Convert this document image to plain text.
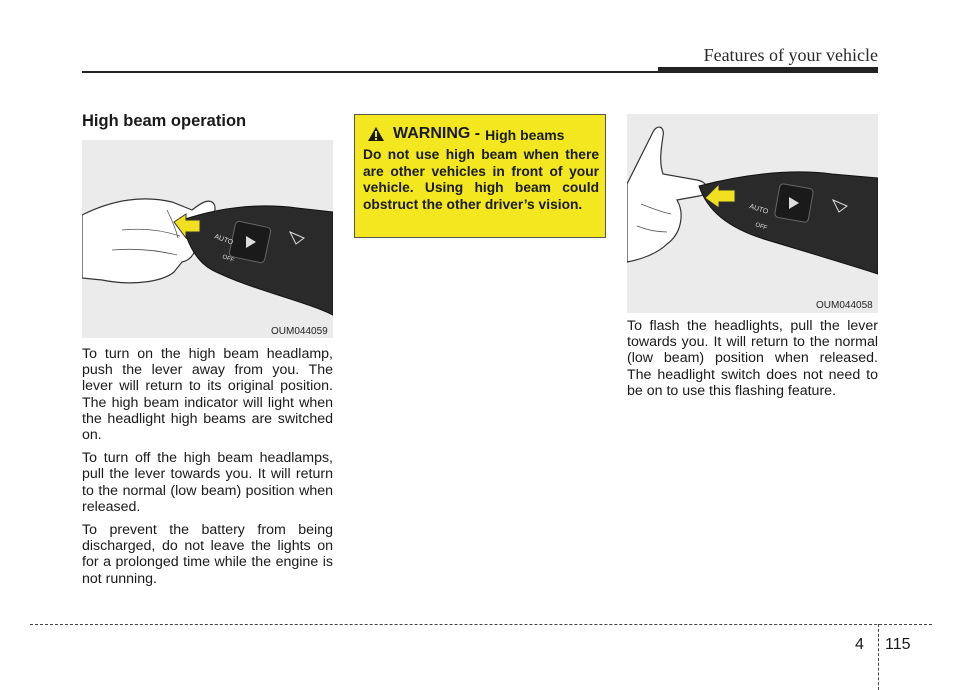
Features of your vehicle
High beam operation
AUTO
OFF
OUM044059

To turn on the high beam headlamp, push the lever away from you. The lever will return to its original position. The high beam indicator will light when the headlight high beams are switched on.

To turn off the high beam headlamps, pull the lever towards you. It will return to the normal (low beam) position when released.

To prevent the battery from being discharged, do not leave the lights on for a prolonged time while the engine is not running.

WARNING - High beams
Do not use high beam when there are other vehicles in front of your vehicle. Using high beam could obstruct the other driver’s vision.	AUTO
OFF
OUM044058

To flash the headlights, pull the lever towards you. It will return to the normal (low beam) position when released. The headlight switch does not need to be on to use this flashing feature.

4 115
